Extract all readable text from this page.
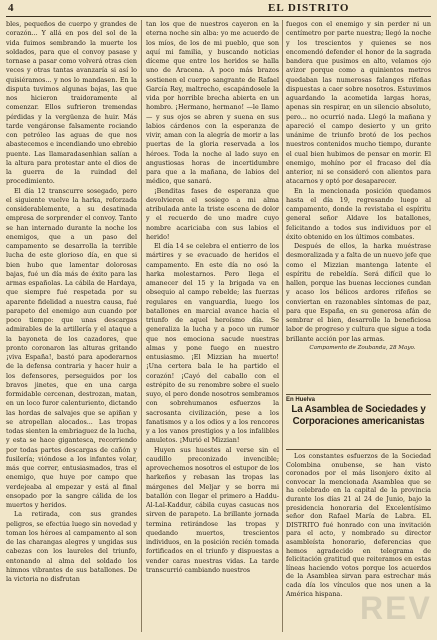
4	EL DISTRITO

bles, pequeños de cuerpo y grandes de corazón... Y allá en pos del sol de la vida fuimos sembrando la muerte los soldados, para que el convoy pasase y tornase a pasar como volverá otras cien veces y otras tantas avanzaría si así lo quisiéramos... y nos lo mandasen. En la disputa tuvimos algunas bajas, las que nos hicieron traidoramente al comenzar. Ellos sufrieron tremendas pérdidas y la vergüenza de huir. Más tarde vengáronse falsamente rociando con petróleo las aguas de que nos abastecemos e incendiando uno ebrebio puente. Las llamaradasenhian salían a la altura para protestar ante el dios de la guerra de la ruindad del procedimiento.

El día 12 transcurre sosegado, pero el siguiente vuelve la harka, reforzada considerablemente, a su desatinada empresa de sorprender el convoy. Tanto se han internado durante la noche los enemigos, que a un paso del campamento se desarrolla la terrible lucha de este glorioso día, en que si bien hubo que lamentar dolorosas bajas, fué un día más de éxito para las armas españolas. La cábila de Hardaya, que siempre fué respetada por su aparente fidelidad a nuestra causa, fué parapeto del enemigo aun cuando por poco tiempo: que unas descargas admirables de la artillería y el ataque a la bayoneta de los cazadores, que pronto coronaron las alturas gritando ¡viva España!, bastó para apoderarnos de la defensa contraria y hacer huir a los defensores, perseguidos por los bravos jinetes, que en una carga formidable cercenan, destrozan, matan, en un loco furor calenturiento, dictando las hordas de salvajes que se apiñan y se atropellan alocados... Las tropas todas sienten la embriaguez de la lucha, y esta se hace gigantesca, recorriendo por todas partes descargas de cañón y fusilería; vióndose a los infantes volar, más que correr, entusiasmados, tras el enemigo, que huye por campo que verdejeaba al empezar y está al final ensopado por la sangre cálida de los muertos y heridos.

La retirada, con sus grandes peligros, se efectúa luego sin novedad y toman los héroes al campamento al son de las charangas alegres y ungidas sus cabezas con los laureles del triunfo, entonando al alma del soldado los himnos vibrantes de sus batallones. De la victoria no disfrutan

tan los que de nuestros cayeron en la eterna noche sin alba: yo me acuerdo de los míos, de los de mi pueblo, que son aquí mi familia, y buscando noticias díceme que entre los heridos se halla uno de Aracena. A poco más brazos sostienen el cuerpo sangrante de Rafael García Rey, maltrecho, escapándosele la vida por horrible brecha abierta en un hombro. ¡Hermano, hermano! —le llamo— y sus ojos se abren y suena en sus labios cárdenos con la esperanza de vivir, aman con la alegría de morir a las puertas de la gloria reservada a los héroes. Toda la noche al lado suyo en angustiosas horas de incertidumbre para que a la mañana, de labios del médico, que sanará.

¡Benditas fases de esperanza que devolvieron el sosiego a mi alma atribulada ante la triste escena de dolor y el recuerdo de uno madre cuyo nombre acariciaba con sus labios el herido!

El día 14 se celebra el entierro de los mártires y se evacuado de heridos el campamento. En este día no osó la harka molestarnos. Pero llega el amanecer del 15 y la brigada va en obsequio al campo rebelde; las fuerzas regulares en vanguardia, luego los batallones en marcial avance hacia el triunfo de aquel heroísmo día. Se generaliza la lucha y a poco un rumor que nos emociona sacude nuestras almas y pone fuego en nuestro entusiasmo. ¡El Mizzian ha muerto! ¡Una certera bala le ha partido el corazón! ¡Cayó del caballo con el estrépito de su renombre sobre el suelo suyo, el pero donde nosotros sembramos con sobrehumanos esfuerzos la sacrosanta civilización, pese a los fanatismos y a los odios y a los rencores y a los vanos prestigios y a los infalibles amuletos. ¡Murió el Mizzian!

Huyen sus huestes al verse sin el caudillo preconizado invencible; aprovechemos nosotros el estupor de los harkeños y rebasan las tropas las márgenes del Meljar y se borra mi batallón con llegar el primero a Haddu-Al-Lal-Kaddur, cábila cuyas casucas nos sirven de parapeto. La brillante jornada termina retirándose las tropas y quedando muertos, trescientos individuos, en la posición recién tomada fortificados en el triunfo y dispuestas a vender caras nuestras vidas. La tarde transcurrió cambiando nuestros

fuegos con el enemigo y sin perder ni un centímetro por parte nuestra; llegó la noche y los trescientos y quienes se nos encomendó defender el honor de la sagrada bandera que pusimos en alto, velamos ojo avizor porque como a quinientos metros quedaban las numerosas falanges rifeñas dispuestas a caer sobre nosotros. Estuvimos aguardando la acometida largas horas, apenas sin respirar, en un silencio absoluto, pero... no ocurrió nada. Llegó la mañana y apareció el campo desierto y un grito unánime de triunfo brotó de los pechos nuestros contenidos mucho tiempo, durante el cual bien hubimos de pensar en morir. El enemigo, mohíno por el fracaso del día anterior, ni se consideró con alientos para atacarnos y optó por desaparecer.

En la mencionada posición quedamos hasta el día 19, regresando luego al campamento, donde la revistaba el espíritu general señor Aldave los batallones, felicitando a todos sus individuos por el éxito obtenido en los últimos combates.

Después de ellos, la harka muéstrase desmoralizada y a falta de un nuevo jefe que como el Mizzian mantenga latente el espíritu de rebeldía. Será difícil que lo hallen, porque las buenas lecciones cundan y acaso los bélicos ardores rifeños se conviertan en razonables síntomas de paz, para que España, en su generosa afán de sembrar el bien, desarrolle la beneficiosa labor de progreso y cultura que sigue a toda brillante acción por las armas.

Campamento de Zoubanda, 28 Mayo.

En Huelva
La Asamblea de Sociedades y Corporaciones americanistas

Los constantes esfuerzos de la Sociedad Colombina onubense, se han visto coronados por el más lisonjero éxito al convocar la mencionada Asamblea que se ha celebrado en la capital de la provincia durante los días 21 al 24 de Junio, bajo la presidencia honoraria del Excelentísimo señor don Rafael María de Labra. EL DISTRITO fué honrado con una invitación para el acto, y nombrado su director asambleísta honorario, deferencias que hemos agradecido en telegrama de felicitación gratitud que reiteramos en estas líneas haciendo votos porque los acuerdos de la Asamblea sirvan para estrechar más cada día los vínculos que nos unen a la América hispana. REV
